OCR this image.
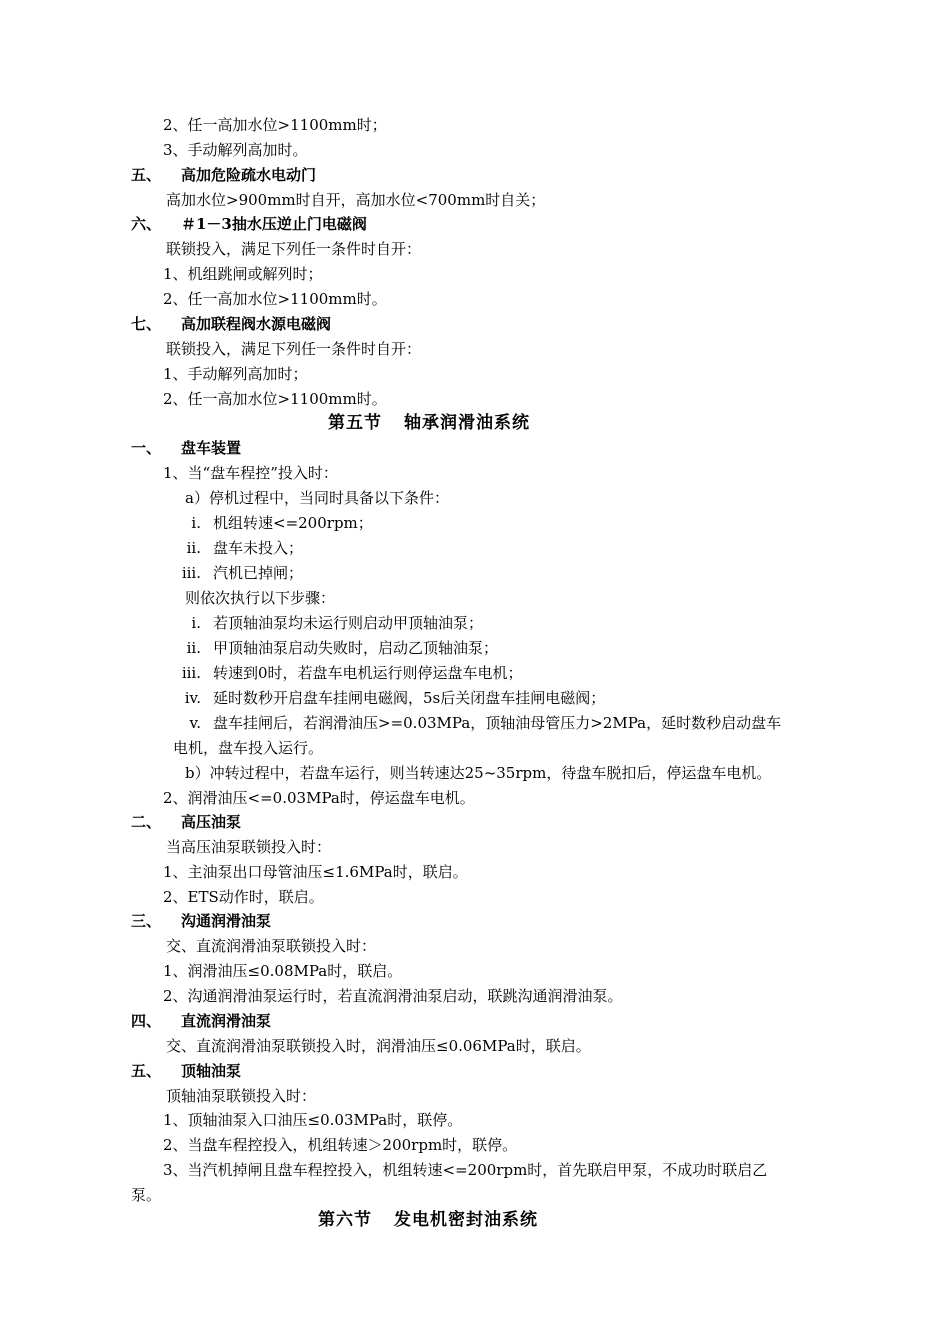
2、任一高加水位>1100mm时；
3、手动解列高加时。
五、 高加危险疏水电动门
高加水位>900mm时自开，高加水位<700mm时自关；
六、 ＃1－3抽水压逆止门电磁阀
联锁投入，满足下列任一条件时自开：
1、机组跳闸或解列时；
2、任一高加水位>1100mm时。
七、 高加联程阀水源电磁阀
联锁投入，满足下列任一条件时自开：
1、手动解列高加时；
2、任一高加水位>1100mm时。
第五节 轴承润滑油系统
一、 盘车装置
1、当“盘车程控”投入时：
a）停机过程中，当同时具备以下条件：
i. 机组转速<=200rpm；
ii. 盘车未投入；
iii. 汽机已掉闸；
则依次执行以下步骤：
i. 若顶轴油泵均未运行则启动甲顶轴油泵；
ii. 甲顶轴油泵启动失败时，启动乙顶轴油泵；
iii. 转速到0时，若盘车电机运行则停运盘车电机；
iv. 延时数秒开启盘车挂闸电磁阀，5s后关闭盘车挂闸电磁阀；
v. 盘车挂闸后，若润滑油压>=0.03MPa，顶轴油母管压力>2MPa，延时数秒启动盘车
电机，盘车投入运行。
b）冲转过程中，若盘车运行，则当转速达25~35rpm，待盘车脱扣后，停运盘车电机。
2、润滑油压<=0.03MPa时，停运盘车电机。
二、 高压油泵
当高压油泵联锁投入时：
1、主油泵出口母管油压≤1.6MPa时，联启。
2、ETS动作时，联启。
三、 沟通润滑油泵
交、直流润滑油泵联锁投入时：
1、润滑油压≤0.08MPa时，联启。
2、沟通润滑油泵运行时，若直流润滑油泵启动，联跳沟通润滑油泵。
四、 直流润滑油泵
交、直流润滑油泵联锁投入时，润滑油压≤0.06MPa时，联启。
五、 顶轴油泵
顶轴油泵联锁投入时：
1、顶轴油泵入口油压≤0.03MPa时，联停。
2、当盘车程控投入，机组转速＞200rpm时，联停。
3、当汽机掉闸且盘车程控投入，机组转速<=200rpm时，首先联启甲泵，不成功时联启乙
泵。
第六节 发电机密封油系统
